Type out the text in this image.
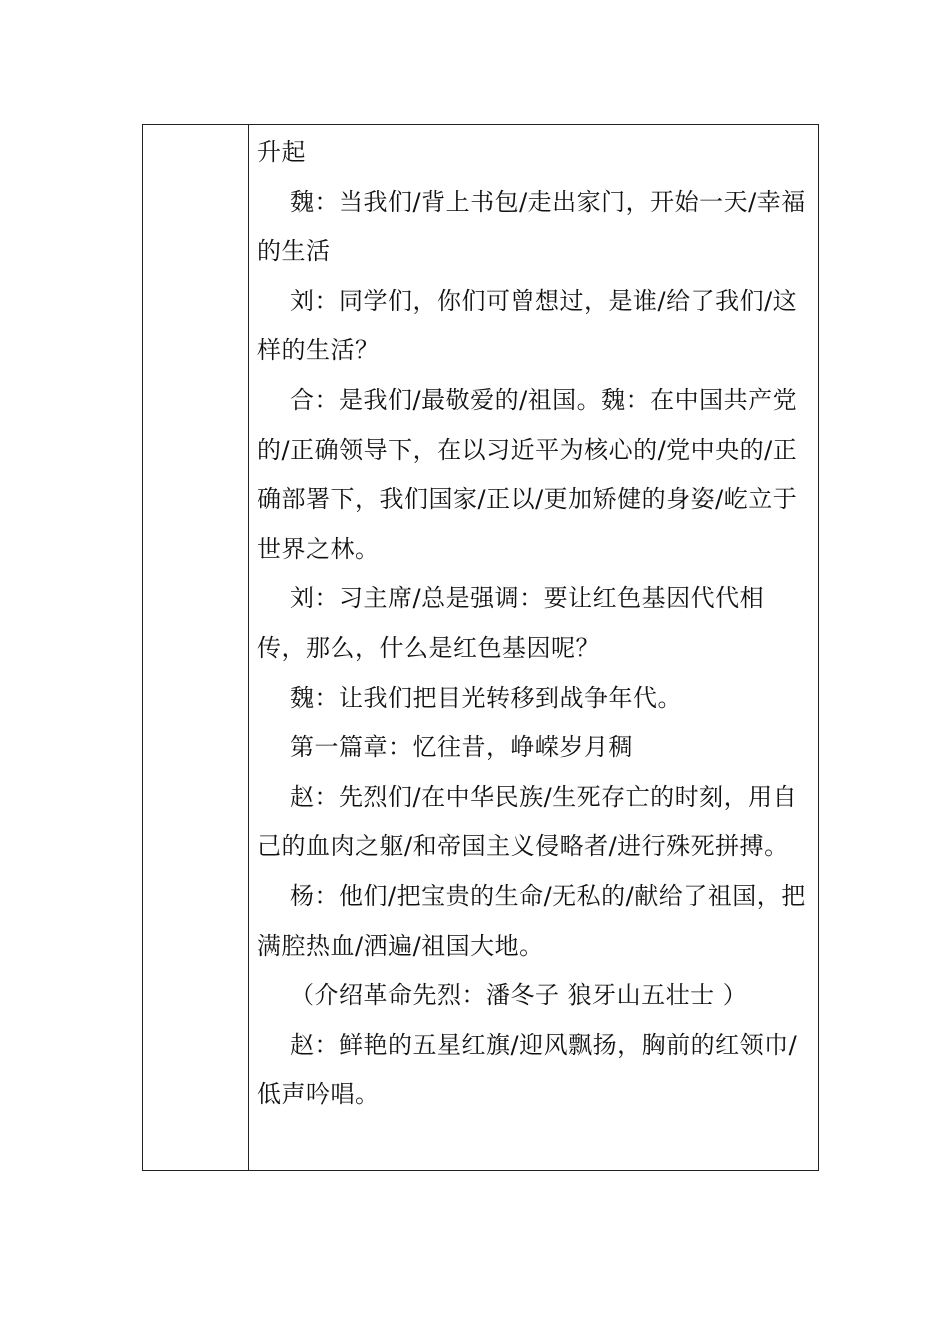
升起

魏：当我们/背上书包/走出家门，开始一天/幸福的生活

刘：同学们，你们可曾想过，是谁/给了我们/这样的生活？

合：是我们/最敬爱的/祖国。魏：在中国共产党的/正确领导下，在以习近平为核心的/党中央的/正确部署下，我们国家/正以/更加矫健的身姿/屹立于世界之林。

刘：习主席/总是强调：要让红色基因代代相传，那么，什么是红色基因呢？

魏：让我们把目光转移到战争年代。

第一篇章：忆往昔，峥嵘岁月稠

赵：先烈们/在中华民族/生死存亡的时刻，用自己的血肉之躯/和帝国主义侵略者/进行殊死拼搏。

杨：他们/把宝贵的生命/无私的/献给了祖国，把满腔热血/洒遍/祖国大地。

（介绍革命先烈：潘冬子 狼牙山五壮士 ）

赵：鲜艳的五星红旗/迎风飘扬，胸前的红领巾/低声吟唱。
